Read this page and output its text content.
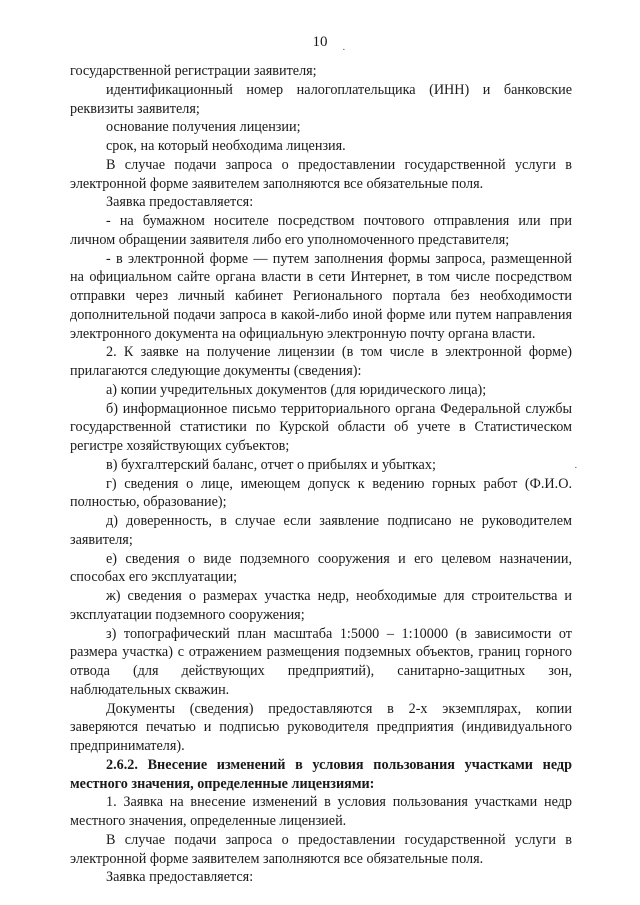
10	·
·

государственной регистрации заявителя;

идентификационный номер налогоплательщика (ИНН) и банковские реквизиты заявителя;

основание получения лицензии;

срок, на который необходима лицензия.

В случае подачи запроса о предоставлении государственной услуги в электронной форме заявителем заполняются все обязательные поля.

Заявка предоставляется:

- на бумажном носителе посредством почтового отправления или при личном обращении заявителя либо его уполномоченного представителя;

- в электронной форме — путем заполнения формы запроса, размещенной на официальном сайте органа власти в сети Интернет, в том числе посредством отправки через личный кабинет Регионального портала без необходимости дополнительной подачи запроса в какой-либо иной форме или путем направления электронного документа на официальную электронную почту органа власти.

2. К заявке на получение лицензии (в том числе в электронной форме) прилагаются следующие документы (сведения):

а) копии учредительных документов (для юридического лица);

б) информационное письмо территориального органа Федеральной службы государственной статистики по Курской области об учете в Статистическом регистре хозяйствующих субъектов;

в) бухгалтерский баланс, отчет о прибылях и убытках;

г) сведения о лице, имеющем допуск к ведению горных работ (Ф.И.О. полностью, образование);

д) доверенность, в случае если заявление подписано не руководителем заявителя;

е) сведения о виде подземного сооружения и его целевом назначении, способах его эксплуатации;

ж) сведения о размерах участка недр, необходимые для строительства и эксплуатации подземного сооружения;

з) топографический план масштаба 1:5000 – 1:10000 (в зависимости от размера участка) с отражением размещения подземных объектов, границ горного отвода (для действующих предприятий), санитарно-защитных зон, наблюдательных скважин.

Документы (сведения) предоставляются в 2-х экземплярах, копии заверяются печатью и подписью руководителя предприятия (индивидуального предпринимателя).

2.6.2. Внесение изменений в условия пользования участками недр местного значения, определенные лицензиями:

1. Заявка на внесение изменений в условия пользования участками недр местного значения, определенные лицензией.

В случае подачи запроса о предоставлении государственной услуги в электронной форме заявителем заполняются все обязательные поля.

Заявка предоставляется:
